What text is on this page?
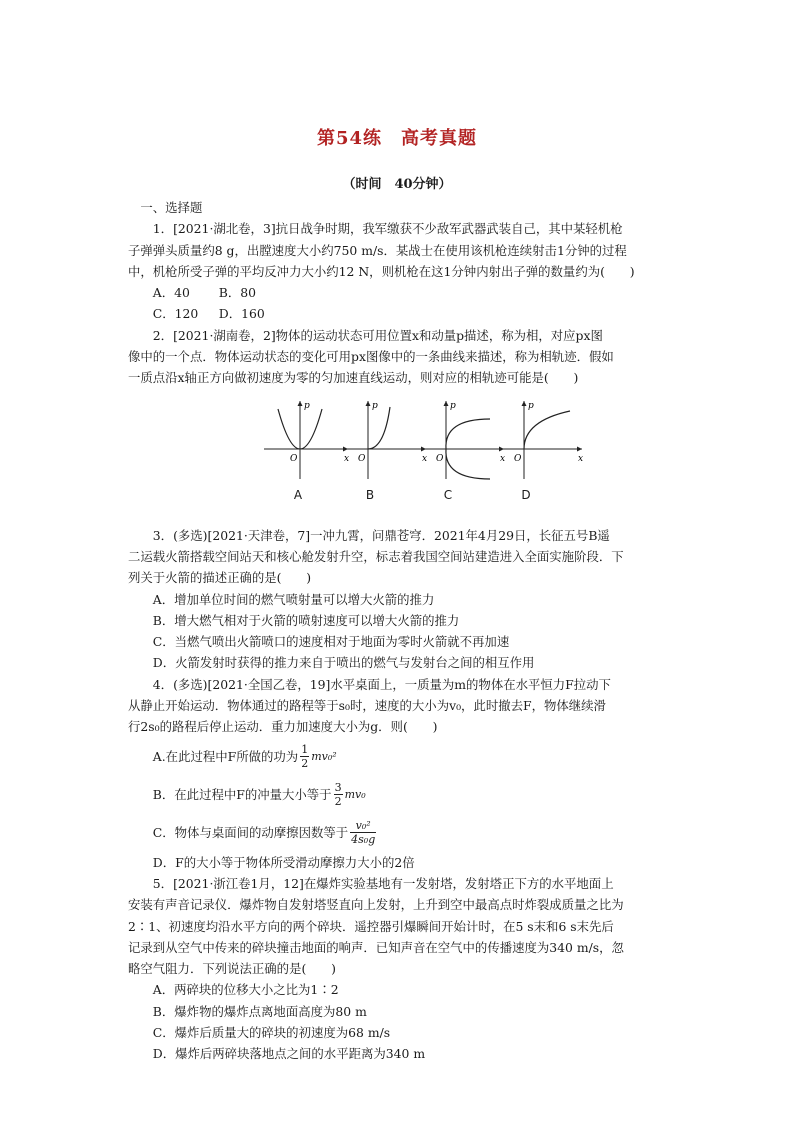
第54练　高考真题
（时间　40分钟）
一、选择题
1．[2021·湖北卷，3]抗日战争时期，我军缴获不少敌军武器武装自己，其中某轻机枪
子弹弹头质量约8 g，出膛速度大小约750 m/s．某战士在使用该机枪连续射击1分钟的过程
中，机枪所受子弹的平均反冲力大小约12 N，则机枪在这1分钟内射出子弹的数量约为(　　)
A．40	B．80
C．120	D．160
2．[2021·湖南卷，2]物体的运动状态可用位置x和动量p描述，称为相，对应px图
像中的一个点．物体运动状态的变化可用px图像中的一条曲线来描述，称为相轨迹．假如
一质点沿x轴正方向做初速度为零的匀加速直线运动，则对应的相轨迹可能是(　　)
p
x
O
p
x
O
p
x
O
p
x
O
A	B	C	D
3．(多选)[2021·天津卷，7]一冲九霄，问鼎苍穹．2021年4月29日，长征五号B遥
二运载火箭搭载空间站天和核心舱发射升空，标志着我国空间站建造进入全面实施阶段．下
列关于火箭的描述正确的是(　　)
A．增加单位时间的燃气喷射量可以增大火箭的推力
B．增大燃气相对于火箭的喷射速度可以增大火箭的推力
C．当燃气喷出火箭喷口的速度相对于地面为零时火箭就不再加速
D．火箭发射时获得的推力来自于喷出的燃气与发射台之间的相互作用
4．(多选)[2021·全国乙卷，19]水平桌面上，一质量为m的物体在水平恒力F拉动下
从静止开始运动．物体通过的路程等于s₀时，速度的大小为v₀，此时撤去F，物体继续滑
行2s₀的路程后停止运动．重力加速度大小为g．则(　　)
A.在此过程中F所做的功为 $\frac{1}{2} mv_0^2$
B．在此过程中F的冲量大小等于 $\frac{3}{2} mv_0$
C．物体与桌面间的动摩擦因数等于 $\frac{\text{v₀²}}{\text{4s₀g}}$
D．F的大小等于物体所受滑动摩擦力大小的2倍
5．[2021·浙江卷1月，12]在爆炸实验基地有一发射塔，发射塔正下方的水平地面上
安装有声音记录仪．爆炸物自发射塔竖直向上发射，上升到空中最高点时炸裂成质量之比为
2∶1、初速度均沿水平方向的两个碎块．遥控器引爆瞬间开始计时，在5 s末和6 s末先后
记录到从空气中传来的碎块撞击地面的响声．已知声音在空气中的传播速度为340 m/s，忽
略空气阻力．下列说法正确的是(　　)
A．两碎块的位移大小之比为1∶2
B．爆炸物的爆炸点离地面高度为80 m
C．爆炸后质量大的碎块的初速度为68 m/s
D．爆炸后两碎块落地点之间的水平距离为340 m
